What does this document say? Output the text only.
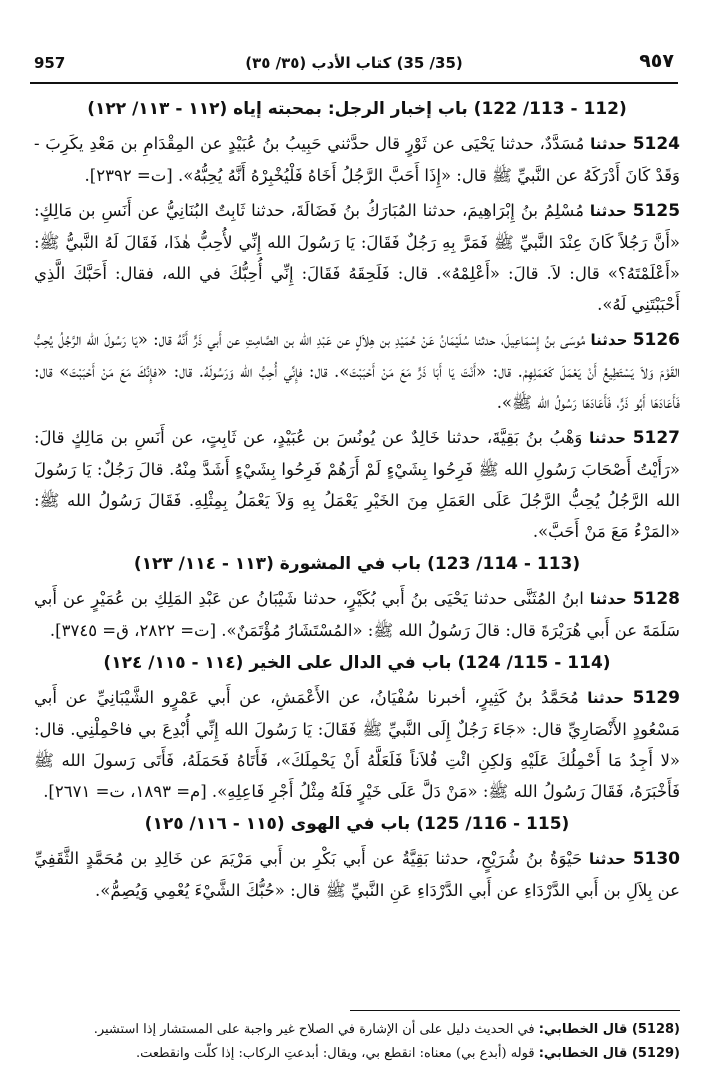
957	(35/ 35) كتاب الأدب (٣٥/ ٣٥)	٩٥٧
(112 - 113/ 122) باب إخبار الرجل: بمحبته إياه (١١٢ - ١١٣/ ١٢٢)

5124 حدثنا مُسَدَّدٌ، حدثنا يَحْيَى عن ثَوْرٍ قال حدَّثني حَبِيبُ بنُ عُبَيْدٍ عن المِقْدَامِ بن مَعْدِ يكَرِبَ - وَقَدْ كَانَ أَدْرَكَهُ عن النَّبيِّ ﷺ قال: «إِذَا أَحَبَّ الرَّجُلُ أَخَاهُ فَلْيُخْبِرْهُ أَنَّهُ يُحِبُّهُ». [ت= ٢٣٩٢].

5125 حدثنا مُسْلِمُ بنُ إِبْرَاهِيمَ، حدثنا المُبَارَكُ بنُ فَضَالَةَ، حدثنا ثَابِتٌ البُنَانِيُّ عن أَنَسِ بن مَالِكٍ: «أَنَّ رَجُلاً كَانَ عِنْدَ النَّبيِّ ﷺ فَمَرَّ بِهِ رَجُلٌ فَقَالَ: يَا رَسُولَ الله إِنِّي لأُحِبُّ هٰذَا، فَقَالَ لَهُ النَّبيُّ ﷺ: «أَعْلَمْتَهُ؟» قال: لاَ. قالَ: «أَعْلِمْهُ». قال: فَلَحِقَهُ فَقَالَ: إِنِّي أُحِبُّكَ في الله، فقال: أَحَبَّكَ الَّذِي أَحْبَبْتَنِي لَهُ».

5126 حدثنا مُوسَى بنُ إِسْمَاعِيلَ، حدثنا سُلَيْمَانُ عَنْ حُمَيْدِ بن هِلاَلٍ عن عَبْدِ الله بن الصَّامِتِ عن أَبي ذَرٍّ أَنَّهُ قال: «يَا رَسُولَ الله الرَّجُلُ يُحِبُّ القَوْمَ وَلاَ يَسْتَطِيعُ أَنْ يَعْمَلَ كَعَمَلِهِمْ. قال: «أَنْتَ يَا أَبَا ذَرٍّ مَعَ مَنْ أَحْبَبْتَ». قال: فإِنِّي أُحِبُّ الله وَرَسُولَهُ. قال: «فإِنَّكَ مَعَ مَنْ أَحْبَبْتَ» قال: فَأَعَادَهَا أَبُو ذَرٍّ، فَأَعَادَهَا رَسُولُ الله ﷺ».

5127 حدثنا وَهْبُ بنُ بَقِيَّةَ، حدثنا خَالِدٌ عن يُونُسَ بن عُبَيْدٍ، عن ثَابِتٍ، عن أَنَسِ بن مَالِكٍ قالَ: «رَأَيْتُ أَصْحَابَ رَسُولِ الله ﷺ فَرِحُوا بِشَيْءٍ لَمْ أَرَهُمْ فَرِحُوا بِشَيْءٍ أَشَدَّ مِنْهُ. قالَ رَجُلٌ: يَا رَسُولَ الله الرَّجُلُ يُحِبُّ الرَّجُلَ عَلَى العَمَلِ مِنَ الخَيْرِ يَعْمَلُ بِهِ وَلاَ يَعْمَلُ بِمِثْلِهِ. فَقَالَ رَسُولُ الله ﷺ: «المَرْءُ مَعَ مَنْ أَحَبَّ».

(113 - 114/ 123) باب في المشورة (١١٣ - ١١٤/ ١٢٣)

5128 حدثنا ابنُ المُثَنَّى حدثنا يَحْيَى بنُ أَبي بُكَيْرٍ، حدثنا شَيْبَانُ عن عَبْدِ المَلِكِ بن عُمَيْرٍ عن أَبي سَلَمَةَ عن أَبي هُرَيْرَةَ قال: قالَ رَسُولُ الله ﷺ: «المُسْتَشَارُ مُؤْتَمَنٌ». [ت= ٢٨٢٢، ق= ٣٧٤٥].

(114 - 115/ 124) باب في الدال على الخير (١١٤ - ١١٥/ ١٢٤)

5129 حدثنا مُحَمَّدُ بنُ كَثِيرٍ، أخبرنا سُفْيَانُ، عن الأَعْمَشِ، عن أَبي عَمْرٍو الشَّيْبَانِيِّ عن أَبي مَسْعُودٍ الأَنْصَارِيِّ قال: «جَاءَ رَجُلٌ إِلَى النَّبيِّ ﷺ فَقَالَ: يَا رَسُولَ الله إِنِّي أُبْدِعَ بي فاحْمِلْنِي. قال: «لا أَجِدُ مَا أَحْمِلُكَ عَلَيْهِ وَلكِنِ ائْتِ فُلاَناً فَلَعَلَّهُ أَنْ يَحْمِلَكَ»، فَأَتَاهُ فَحَمَلَهُ، فَأَتَى رَسولَ الله ﷺ فَأَخْبَرَهُ، فَقَالَ رَسُولُ الله ﷺ: «مَنْ دَلَّ عَلَى خَيْرٍ فَلَهُ مِثْلُ أَجْرِ فَاعِلِهِ». [م= ١٨٩٣، ت= ٢٦٧١].

(115 - 116/ 125) باب في الهوى (١١٥ - ١١٦/ ١٢٥)

5130 حدثنا حَيْوَةُ بنُ شُرَيْحٍ، حدثنا بَقِيَّةُ عن أَبي بَكْرِ بن أَبي مَرْيَمَ عن خَالِدِ بن مُحَمَّدٍ الثَّقَفِيِّ عن بِلاَلِ بن أَبي الدَّرْدَاءِ عن أَبي الدَّرْدَاءِ عَنِ النَّبيِّ ﷺ قال: «حُبُّكَ الشَّيْءَ يُعْمِي وَيُصِمُّ».

(5128) قال الخطابي: في الحديث دليل على أن الإشارة في الصلاح غير واجبة على المستشار إذا استشير.
(5129) قال الخطابي: قوله (أبدع بي) معناه: انقطع بي، ويقال: أبدعتِ الركاب: إذا كلّت وانقطعت.
